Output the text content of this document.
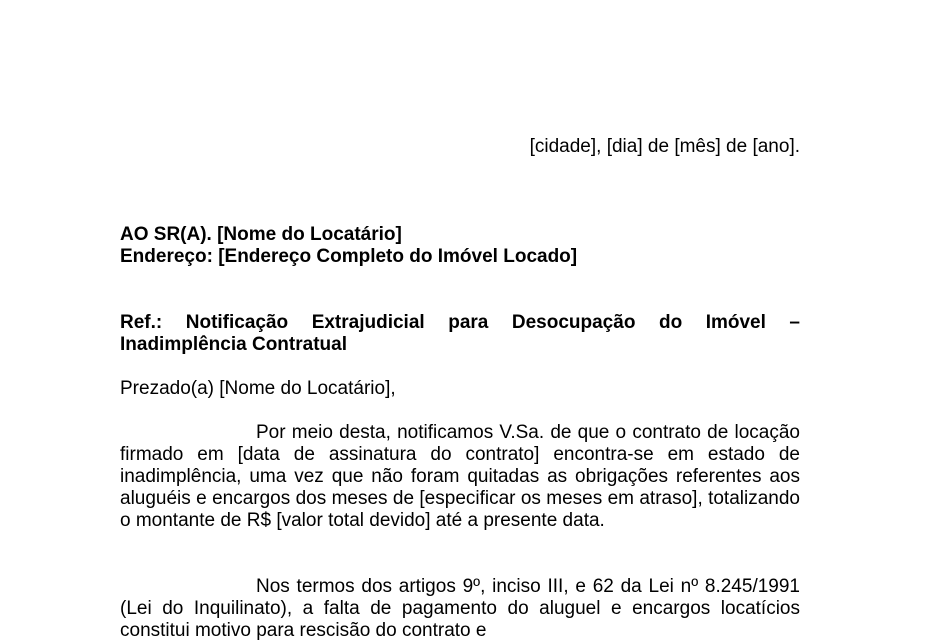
[cidade], [dia] de [mês] de [ano].

AO SR(A). [Nome do Locatário]

Endereço: [Endereço Completo do Imóvel Locado]

Ref.: Notificação Extrajudicial para Desocupação do Imóvel – Inadimplência Contratual

Prezado(a) [Nome do Locatário],

Por meio desta, notificamos V.Sa. de que o contrato de locação firmado em [data de assinatura do contrato] encontra-se em estado de inadimplência, uma vez que não foram quitadas as obrigações referentes aos aluguéis e encargos dos meses de [especificar os meses em atraso], totalizando o montante de R$ [valor total devido] até a presente data.

Nos termos dos artigos 9º, inciso III, e 62 da Lei nº 8.245/1991 (Lei do Inquilinato), a falta de pagamento do aluguel e encargos locatícios constitui motivo para rescisão do contrato e
